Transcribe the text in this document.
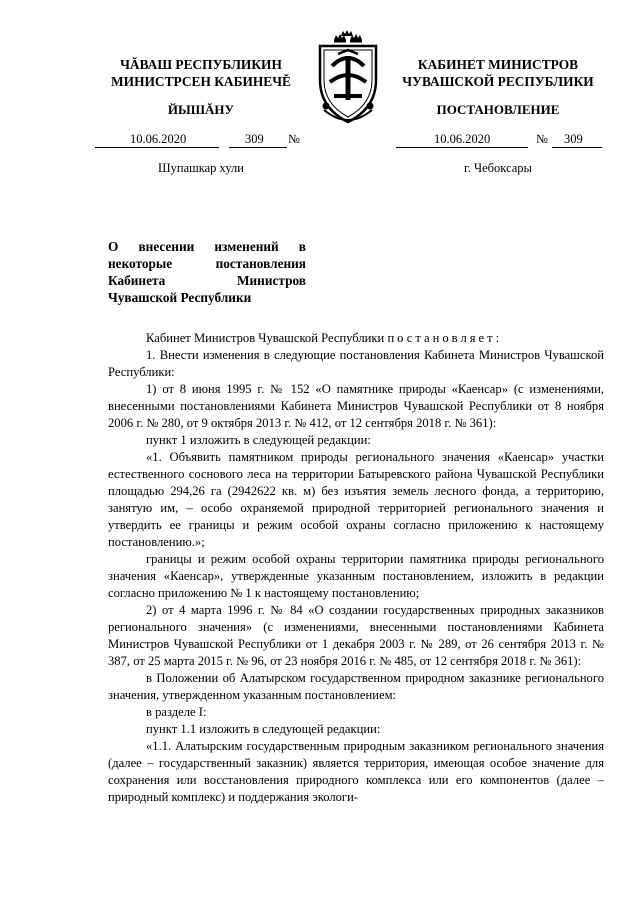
ЧĂВАШ РЕСПУБЛИКИН
МИНИСТРСЕН КАБИНЕЧĚ
ЙЫШĂНУ
КАБИНЕТ МИНИСТРОВ
ЧУВАШСКОЙ РЕСПУБЛИКИ
ПОСТАНОВЛЕНИЕ
10.06.2020	309 №	10.06.2020	№ 309
Шупашкар хули	г. Чебоксары
О внесении изменений в некоторые постановления Кабинета Министров Чувашской Республики

Кабинет Министров Чувашской Республики постановляет:

1. Внести изменения в следующие постановления Кабинета Министров Чувашской Республики:

1) от 8 июня 1995 г. № 152 «О памятнике природы «Каенсар» (с изменениями, внесенными постановлениями Кабинета Министров Чувашской Республики от 8 ноября 2006 г. № 280, от 9 октября 2013 г. № 412, от 12 сентября 2018 г. № 361):

пункт 1 изложить в следующей редакции:

«1. Объявить памятником природы регионального значения «Каенсар» участки естественного соснового леса на территории Батыревского района Чувашской Республики площадью 294,26 га (2942622 кв. м) без изъятия земель лесного фонда, а территорию, занятую им, – особо охраняемой природной территорией регионального значения и утвердить ее границы и режим особой охраны согласно приложению к настоящему постановлению.»;

границы и режим особой охраны территории памятника природы регионального значения «Каенсар», утвержденные указанным постановлением, изложить в редакции согласно приложению № 1 к настоящему постановлению;

2) от 4 марта 1996 г. № 84 «О создании государственных природных заказников регионального значения» (с изменениями, внесенными постановлениями Кабинета Министров Чувашской Республики от 1 декабря 2003 г. № 289, от 26 сентября 2013 г. № 387, от 25 марта 2015 г. № 96, от 23 ноября 2016 г. № 485, от 12 сентября 2018 г. № 361):

в Положении об Алатырском государственном природном заказнике регионального значения, утвержденном указанным постановлением:

в разделе I:

пункт 1.1 изложить в следующей редакции:

«1.1. Алатырским государственным природным заказником регионального значения (далее – государственный заказник) является территория, имеющая особое значение для сохранения или восстановления природного комплекса или его компонентов (далее – природный комплекс) и поддержания экологи-
